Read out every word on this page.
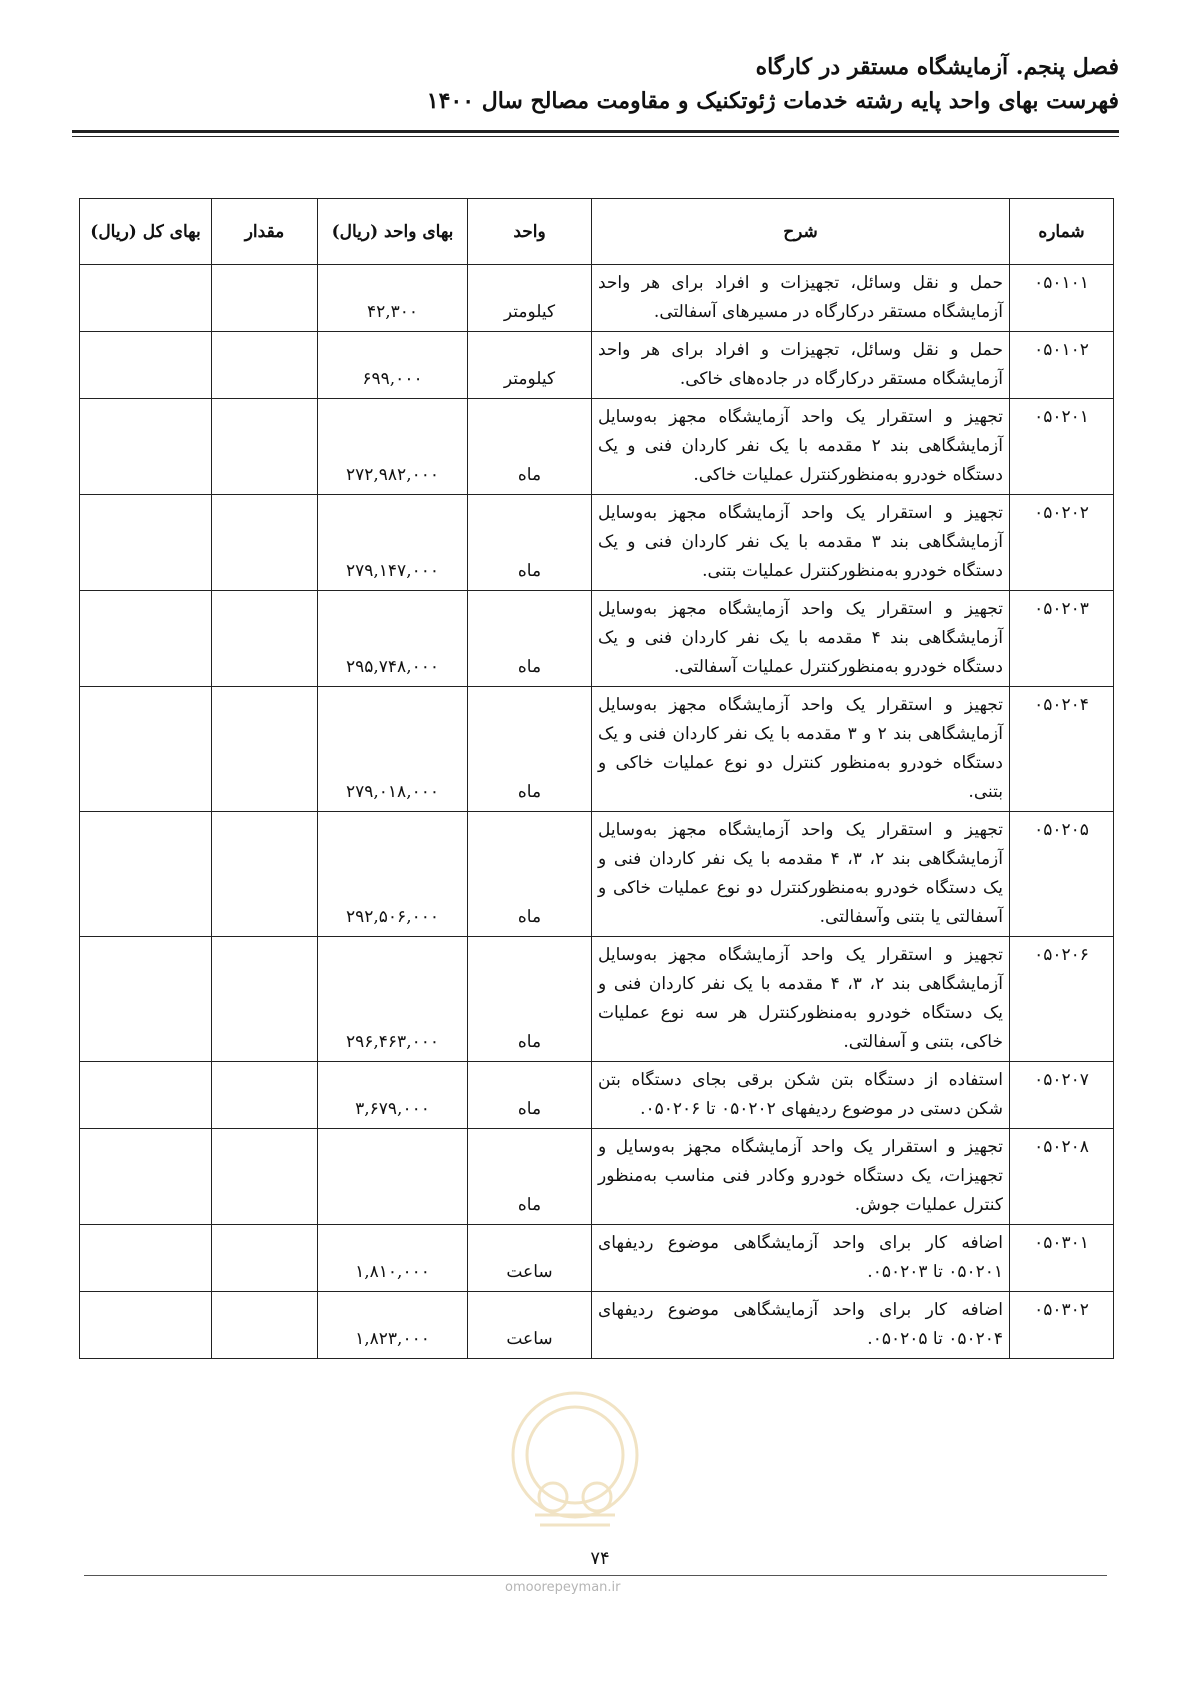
فصل پنجم. آزمایشگاه مستقر در کارگاه
فهرست بهای واحد پایه رشته خدمات ژئوتکنیک و مقاومت مصالح سال ۱۴۰۰
شماره	شرح	واحد	بهای واحد (ریال)	مقدار	بهای کل (ریال)
۰۵۰۱۰۱	حمل و نقل وسائل، تجهیزات و افراد برای هر واحد آزمایشگاه مستقر درکارگاه در مسیرهای آسفالتی.	کیلومتر	۴۲,۳۰۰		
۰۵۰۱۰۲	حمل و نقل وسائل، تجهیزات و افراد برای هر واحد آزمایشگاه مستقر درکارگاه در جاده‌های خاکی.	کیلومتر	۶۹۹,۰۰۰		
۰۵۰۲۰۱	تجهیز و استقرار یک واحد آزمایشگاه مجهز به‌وسایل آزمایشگاهی بند ۲ مقدمه با یک نفر کاردان فنی و یک دستگاه خودرو به‌منظورکنترل عملیات خاکی.	ماه	۲۷۲,۹۸۲,۰۰۰		
۰۵۰۲۰۲	تجهیز و استقرار یک واحد آزمایشگاه مجهز به‌وسایل آزمایشگاهی بند ۳ مقدمه با یک نفر کاردان فنی و یک دستگاه خودرو به‌منظورکنترل عملیات بتنی.	ماه	۲۷۹,۱۴۷,۰۰۰		
۰۵۰۲۰۳	تجهیز و استقرار یک واحد آزمایشگاه مجهز به‌وسایل آزمایشگاهی بند ۴ مقدمه با یک نفر کاردان فنی و یک دستگاه خودرو به‌منظورکنترل عملیات آسفالتی.	ماه	۲۹۵,۷۴۸,۰۰۰		
۰۵۰۲۰۴	تجهیز و استقرار یک واحد آزمایشگاه مجهز به‌وسایل آزمایشگاهی بند ۲ و ۳ مقدمه با یک نفر کاردان فنی و یک دستگاه خودرو به‌منظور کنترل دو نوع عملیات خاکی و بتنی.	ماه	۲۷۹,۰۱۸,۰۰۰		
۰۵۰۲۰۵	تجهیز و استقرار یک واحد آزمایشگاه مجهز به‌وسایل آزمایشگاهی بند ۲، ۳، ۴ مقدمه با یک نفر کاردان فنی و یک دستگاه خودرو به‌منظورکنترل دو نوع عملیات خاکی و آسفالتی یا بتنی وآسفالتی.	ماه	۲۹۲,۵۰۶,۰۰۰		
۰۵۰۲۰۶	تجهیز و استقرار یک واحد آزمایشگاه مجهز به‌وسایل آزمایشگاهی بند ۲، ۳، ۴ مقدمه با یک نفر کاردان فنی و یک دستگاه خودرو به‌منظورکنترل هر سه نوع عملیات خاکی، بتنی و آسفالتی.	ماه	۲۹۶,۴۶۳,۰۰۰		
۰۵۰۲۰۷	استفاده از دستگاه بتن شکن برقی بجای دستگاه بتن شکن دستی در موضوع ردیفهای ۰۵۰۲۰۲ تا ۰۵۰۲۰۶.	ماه	۳,۶۷۹,۰۰۰		
۰۵۰۲۰۸	تجهیز و استقرار یک واحد آزمایشگاه مجهز به‌وسایل و تجهیزات، یک دستگاه خودرو وکادر فنی مناسب به‌منظور کنترل عملیات جوش.	ماه			
۰۵۰۳۰۱	اضافه کار برای واحد آزمایشگاهی موضوع ردیفهای ۰۵۰۲۰۱ تا ۰۵۰۲۰۳.	ساعت	۱,۸۱۰,۰۰۰		
۰۵۰۳۰۲	اضافه کار برای واحد آزمایشگاهی موضوع ردیفهای ۰۵۰۲۰۴ تا ۰۵۰۲۰۵.	ساعت	۱,۸۲۳,۰۰۰		
۷۴
omoorepeyman.ir
